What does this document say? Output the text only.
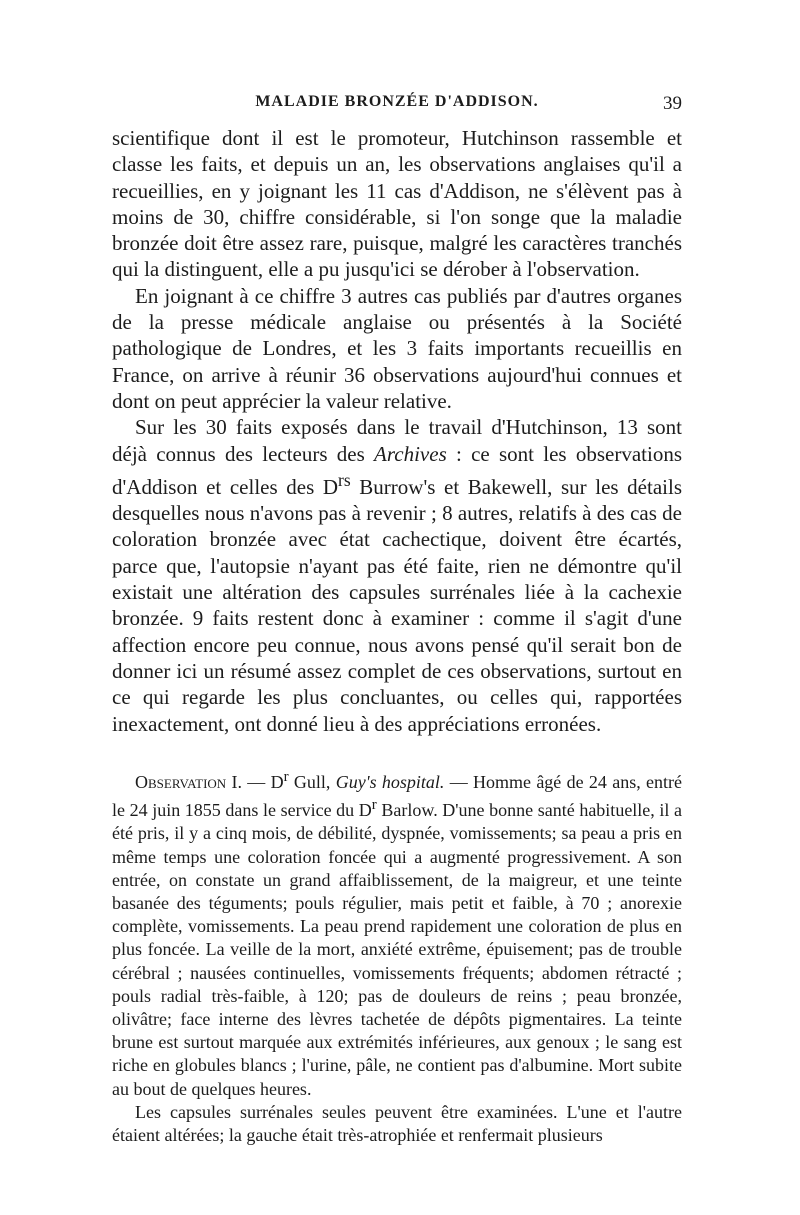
MALADIE BRONZÉE D'ADDISON.	39

scientifique dont il est le promoteur, Hutchinson rassemble et classe les faits, et depuis un an, les observations anglaises qu'il a recueillies, en y joignant les 11 cas d'Addison, ne s'élèvent pas à moins de 30, chiffre considérable, si l'on songe que la maladie bronzée doit être assez rare, puisque, malgré les caractères tranchés qui la distinguent, elle a pu jusqu'ici se dérober à l'observation.

En joignant à ce chiffre 3 autres cas publiés par d'autres organes de la presse médicale anglaise ou présentés à la Société pathologique de Londres, et les 3 faits importants recueillis en France, on arrive à réunir 36 observations aujourd'hui connues et dont on peut apprécier la valeur relative.

Sur les 30 faits exposés dans le travail d'Hutchinson, 13 sont déjà connus des lecteurs des Archives : ce sont les observations d'Addison et celles des $D^{rs}$ Burrow's et Bakewell, sur les détails desquelles nous n'avons pas à revenir ; 8 autres, relatifs à des cas de coloration bronzée avec état cachectique, doivent être écartés, parce que, l'autopsie n'ayant pas été faite, rien ne démontre qu'il existait une altération des capsules surrénales liée à la cachexie bronzée. 9 faits restent donc à examiner : comme il s'agit d'une affection encore peu connue, nous avons pensé qu'il serait bon de donner ici un résumé assez complet de ces observations, surtout en ce qui regarde les plus concluantes, ou celles qui, rapportées inexactement, ont donné lieu à des appréciations erronées.

Observation I. — $D^r$ Gull, Guy's hospital. — Homme âgé de 24 ans, entré le 24 juin 1855 dans le service du $D^r$ Barlow. D'une bonne santé habituelle, il a été pris, il y a cinq mois, de débilité, dyspnée, vomissements; sa peau a pris en même temps une coloration foncée qui a augmenté progressivement. A son entrée, on constate un grand affaiblissement, de la maigreur, et une teinte basanée des téguments; pouls régulier, mais petit et faible, à 70 ; anorexie complète, vomissements. La peau prend rapidement une coloration de plus en plus foncée. La veille de la mort, anxiété extrême, épuisement; pas de trouble cérébral ; nausées continuelles, vomissements fréquents; abdomen rétracté ; pouls radial très-faible, à 120; pas de douleurs de reins ; peau bronzée, olivâtre; face interne des lèvres tachetée de dépôts pigmentaires. La teinte brune est surtout marquée aux extrémités inférieures, aux genoux ; le sang est riche en globules blancs ; l'urine, pâle, ne contient pas d'albumine. Mort subite au bout de quelques heures.

Les capsules surrénales seules peuvent être examinées. L'une et l'autre étaient altérées; la gauche était très-atrophiée et renfermait plusieurs
